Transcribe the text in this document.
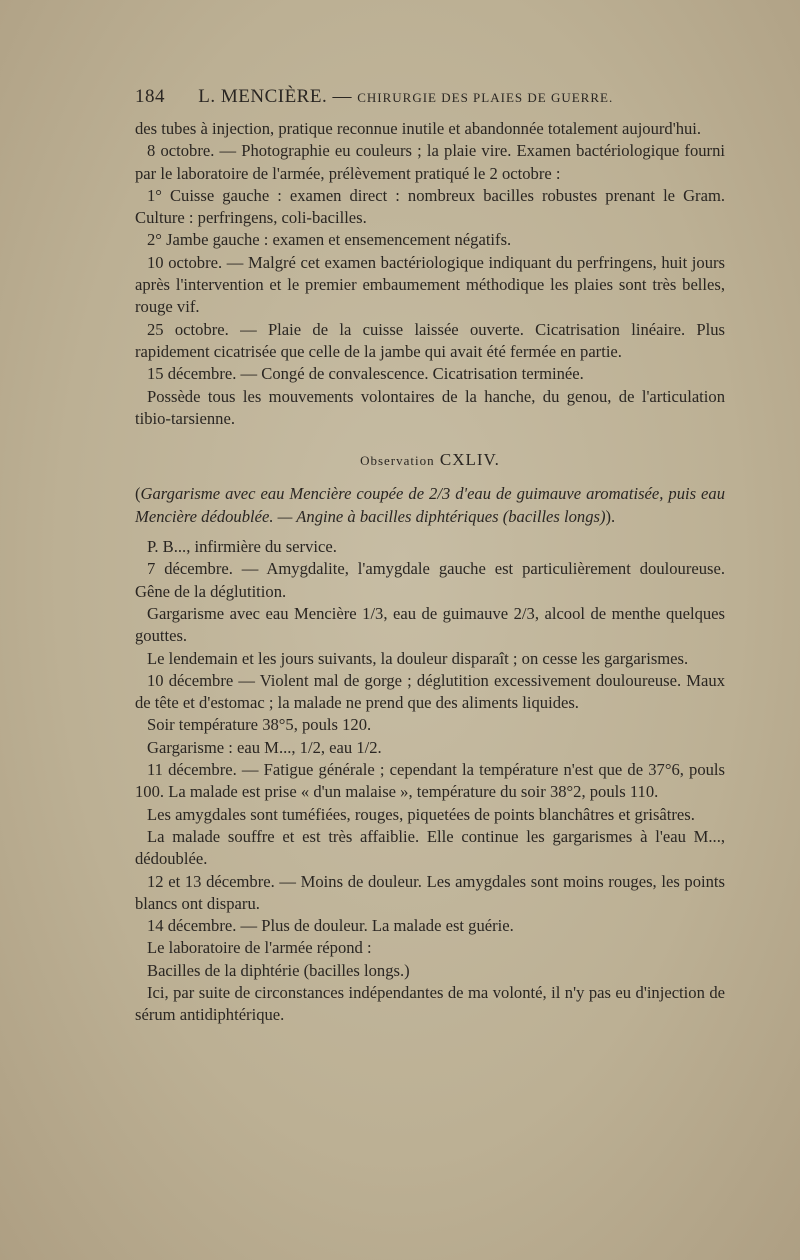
184 L. MENCIÈRE. — CHIRURGIE DES PLAIES DE GUERRE.

des tubes à injection, pratique reconnue inutile et abandonnée totalement aujourd'hui.

8 octobre. — Photographie eu couleurs ; la plaie vire. Examen bactériologique fourni par le laboratoire de l'armée, prélèvement pratiqué le 2 octobre :

1° Cuisse gauche : examen direct : nombreux bacilles robustes prenant le Gram. Culture : perfringens, coli-bacilles.

2° Jambe gauche : examen et ensemencement négatifs.

10 octobre. — Malgré cet examen bactériologique indiquant du perfringens, huit jours après l'intervention et le premier embaumement méthodique les plaies sont très belles, rouge vif.

25 octobre. — Plaie de la cuisse laissée ouverte. Cicatrisation linéaire. Plus rapidement cicatrisée que celle de la jambe qui avait été fermée en partie.

15 décembre. — Congé de convalescence. Cicatrisation terminée.

Possède tous les mouvements volontaires de la hanche, du genou, de l'articulation tibio-tarsienne.

Observation CXLIV.

(Gargarisme avec eau Mencière coupée de 2/3 d'eau de guimauve aromatisée, puis eau Mencière dédoublée. — Angine à bacilles diphtériques (bacilles longs)).

P. B..., infirmière du service.

7 décembre. — Amygdalite, l'amygdale gauche est particulièrement douloureuse. Gêne de la déglutition.

Gargarisme avec eau Mencière 1/3, eau de guimauve 2/3, alcool de menthe quelques gouttes.

Le lendemain et les jours suivants, la douleur disparaît ; on cesse les gargarismes.

10 décembre — Violent mal de gorge ; déglutition excessivement douloureuse. Maux de tête et d'estomac ; la malade ne prend que des aliments liquides.

Soir température 38°5, pouls 120.

Gargarisme : eau M..., 1/2, eau 1/2.

11 décembre. — Fatigue générale ; cependant la température n'est que de 37°6, pouls 100. La malade est prise « d'un malaise », température du soir 38°2, pouls 110.

Les amygdales sont tuméfiées, rouges, piquetées de points blanchâtres et grisâtres.

La malade souffre et est très affaiblie. Elle continue les gargarismes à l'eau M..., dédoublée.

12 et 13 décembre. — Moins de douleur. Les amygdales sont moins rouges, les points blancs ont disparu.

14 décembre. — Plus de douleur. La malade est guérie.

Le laboratoire de l'armée répond :

Bacilles de la diphtérie (bacilles longs.)

Ici, par suite de circonstances indépendantes de ma volonté, il n'y pas eu d'injection de sérum antidiphtérique.
